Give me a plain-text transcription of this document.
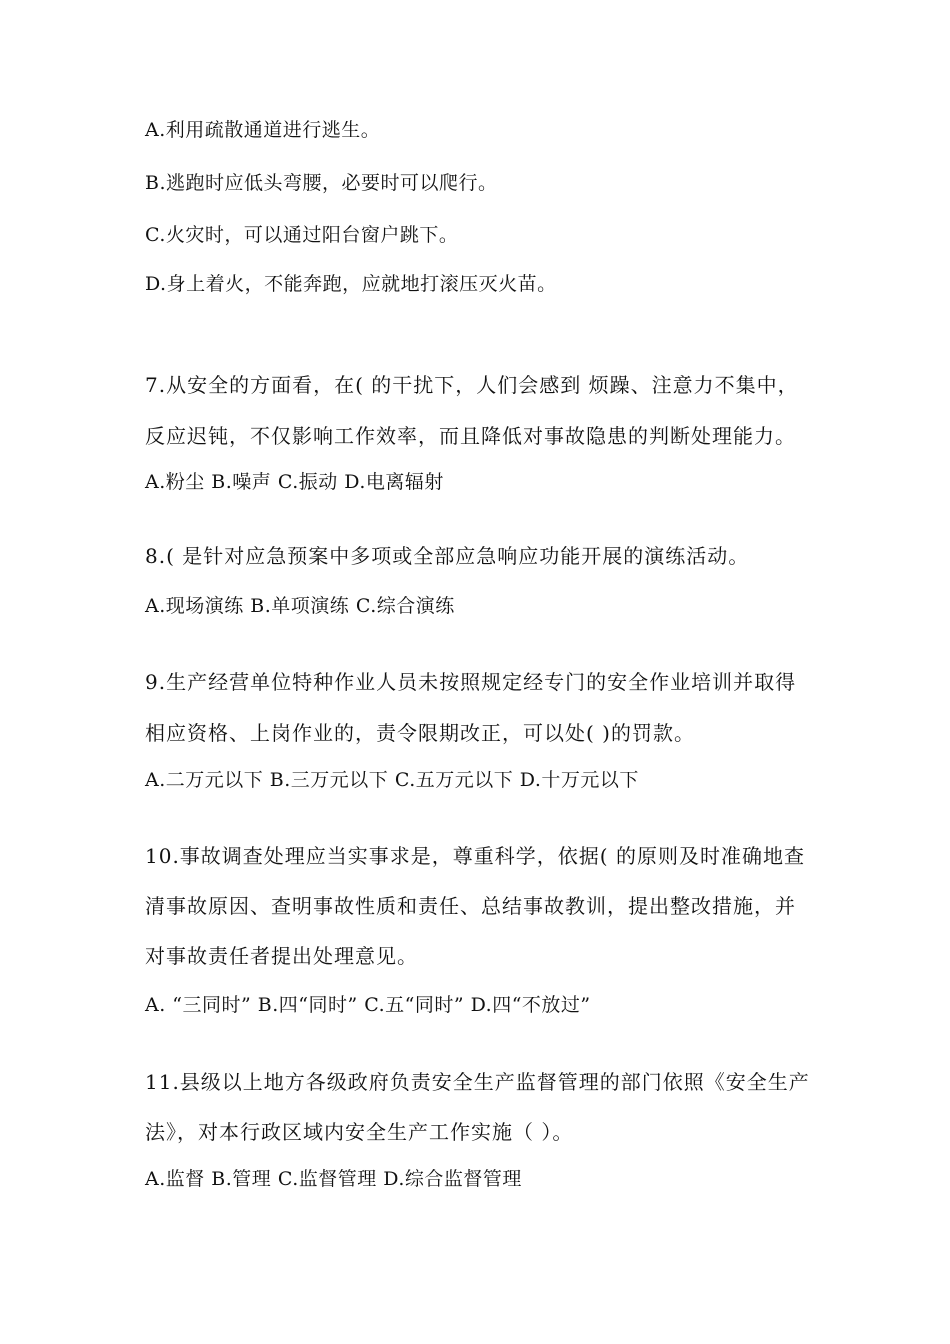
A.利用疏散通道进行逃生。
B.逃跑时应低头弯腰，必要时可以爬行。
C.火灾时，可以通过阳台窗户跳下。
D.身上着火，不能奔跑，应就地打滚压灭火苗。
7.从安全的方面看，在( 的干扰下，人们会感到 烦躁、注意力不集中，
反应迟钝，不仅影响工作效率，而且降低对事故隐患的判断处理能力。
A.粉尘 B.噪声 C.振动 D.电离辐射
8.( 是针对应急预案中多项或全部应急响应功能开展的演练活动。
A.现场演练 B.单项演练 C.综合演练
9.生产经营单位特种作业人员未按照规定经专门的安全作业培训并取得
相应资格、上岗作业的，责令限期改正，可以处( )的罚款。
A.二万元以下 B.三万元以下 C.五万元以下 D.十万元以下
10.事故调查处理应当实事求是，尊重科学，依据( 的原则及时准确地查
清事故原因、查明事故性质和责任、总结事故教训，提出整改措施，并
对事故责任者提出处理意见。
A. “三同时” B.四“同时” C.五“同时” D.四“不放过”
11.县级以上地方各级政府负责安全生产监督管理的部门依照《安全生产
法》，对本行政区域内安全生产工作实施（ ）。
A.监督 B.管理 C.监督管理 D.综合监督管理
